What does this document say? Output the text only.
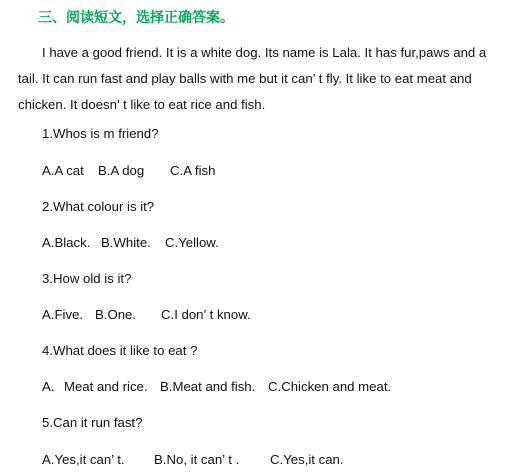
三、阅读短文，选择正确答案。

I have a good friend. It is a white dog. Its name is Lala. It has fur,paws and a tail. It can run fast and play balls with me but it can’ t fly. It like to eat meat and chicken. It doesn’ t like to eat rice and fish.

1.Whos is m friend?
A.A cat B.A dog C.A fish
2.What colour is it?
A.Black. B.White. C.Yellow.
3.How old is it?
A.Five. B.One. C.I don’ t know.
4.What does it like to eat ?
A．Meat and rice. B.Meat and fish. C.Chicken and meat.
5.Can it run fast?
A.Yes,it can’ t. B.No, it can’ t . C.Yes,it can.
